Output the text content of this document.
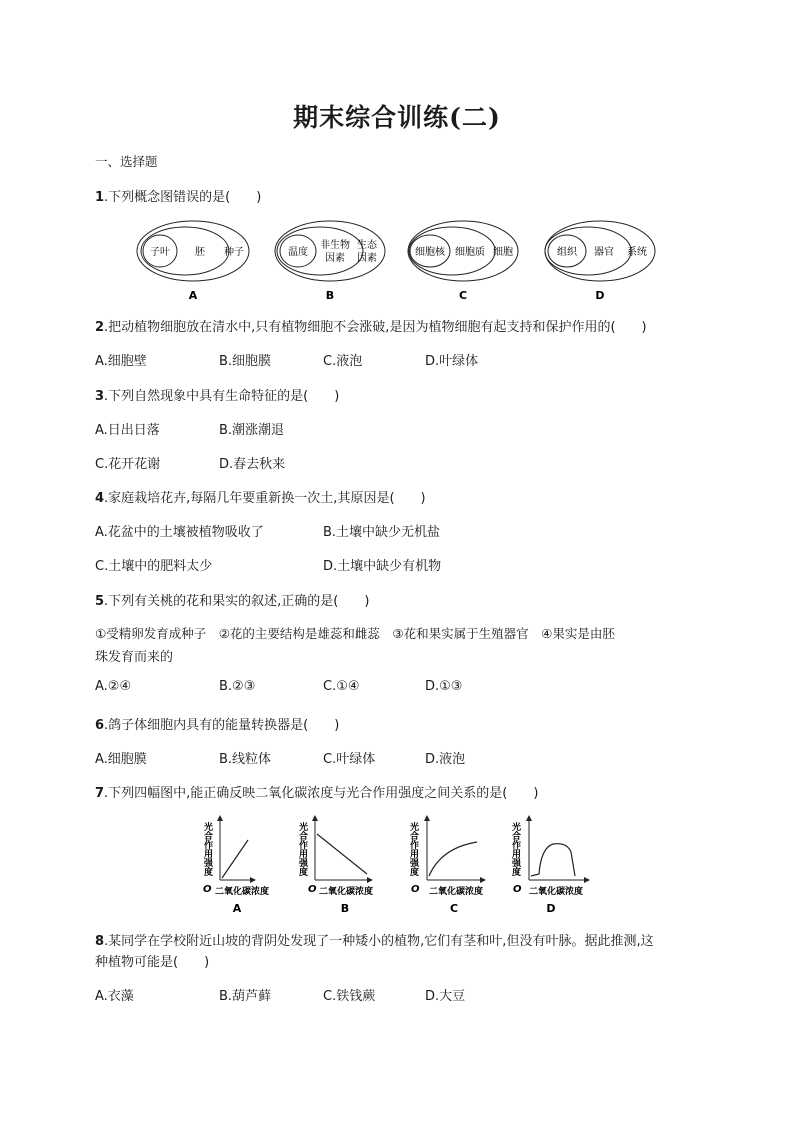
期末综合训练(二)
一、选择题
1.下列概念图错误的是(　　)
子叶	胚 种子
A
温度
非生物
因素
生态
因素
B
细胞核 细胞质 细胞
C
组织 器官 系统
D
2.把动植物细胞放在清水中,只有植物细胞不会涨破,是因为植物细胞有起支持和保护作用的(　　)
A.细胞壁	B.细胞膜	C.液泡	D.叶绿体
3.下列自然现象中具有生命特征的是(　　)
A.日出日落	B.潮涨潮退
C.花开花谢	D.春去秋来
4.家庭栽培花卉,每隔几年要重新换一次土,其原因是(　　)
A.花盆中的土壤被植物吸收了	B.土壤中缺少无机盐
C.土壤中的肥料太少	D.土壤中缺少有机物
5.下列有关桃的花和果实的叙述,正确的是(　　)
①受精卵发育成种子　②花的主要结构是雄蕊和雌蕊　③花和果实属于生殖器官　④果实是由胚
珠发育而来的
A.②④	B.②③	C.①④	D.①③
6.鸽子体细胞内具有的能量转换器是(　　)
A.细胞膜	B.线粒体	C.叶绿体	D.液泡
7.下列四幅图中,能正确反映二氧化碳浓度与光合作用强度之间关系的是(　　)
光合作用强度
O 二氧化碳浓度
A
光合作用强度
O 二氧化碳浓度
B
光合作用强度
O 二氧化碳浓度
C
光合作用强度
O 二氧化碳浓度
D
8.某同学在学校附近山坡的背阴处发现了一种矮小的植物,它们有茎和叶,但没有叶脉。据此推测,这
种植物可能是(　　)
A.衣藻	B.葫芦藓	C.铁钱蕨	D.大豆
